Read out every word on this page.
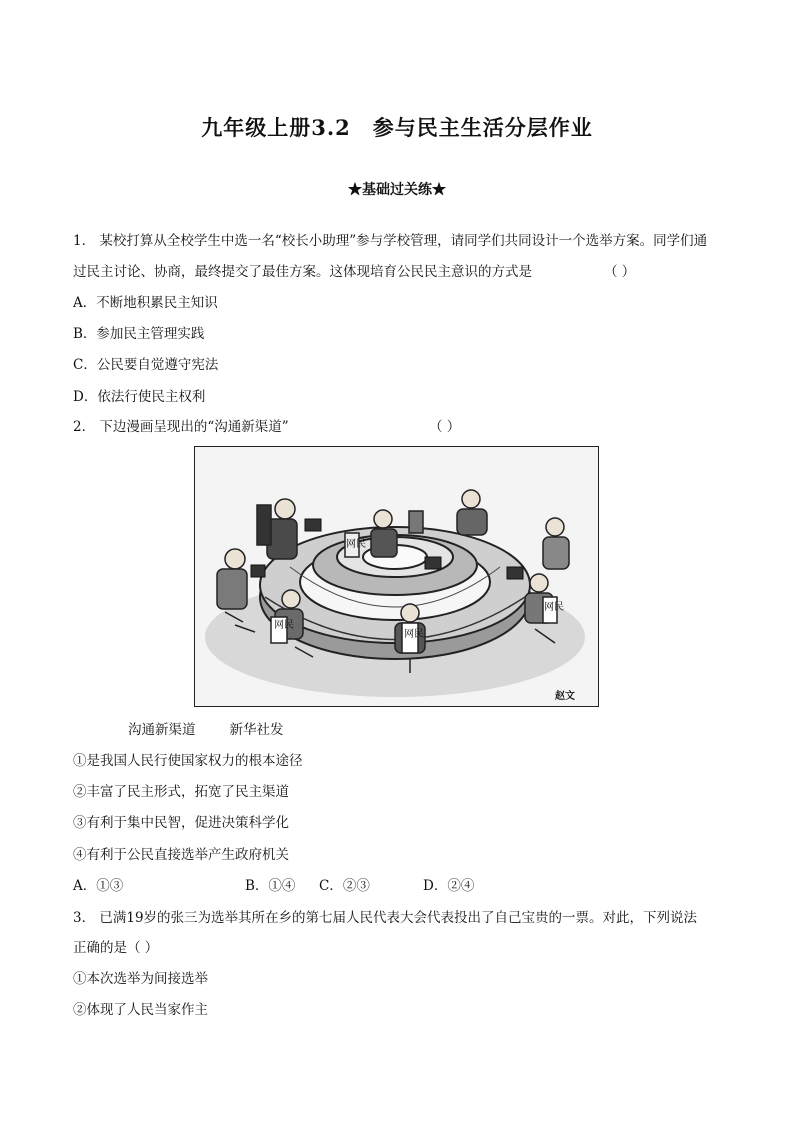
九年级上册3.2 参与民主生活分层作业
★基础过关练★
1． 某校打算从全校学生中选一名“校长小助理”参与学校管理，请同学们共同设计一个选举方案。同学们通
过民主讨论、协商，最终提交了最佳方案。这体现培育公民民主意识的方式是	（ ）
A．不断地积累民主知识
B．参加民主管理实践
C．公民要自觉遵守宪法
D．依法行使民主权利
2． 下边漫画呈现出的“沟通新渠道”	（ ）
网民
网民
网民
网民
赵文
沟通新渠道	新华社发
①是我国人民行使国家权力的根本途径
②丰富了民主形式，拓宽了民主渠道
③有利于集中民智，促进决策科学化
④有利于公民直接选举产生政府机关
A．①③	B．①④ C．②③	D．②④
3． 已满19岁的张三为选举其所在乡的第七届人民代表大会代表投出了自己宝贵的一票。对此，下列说法
正确的是（ ）
①本次选举为间接选举
②体现了人民当家作主
